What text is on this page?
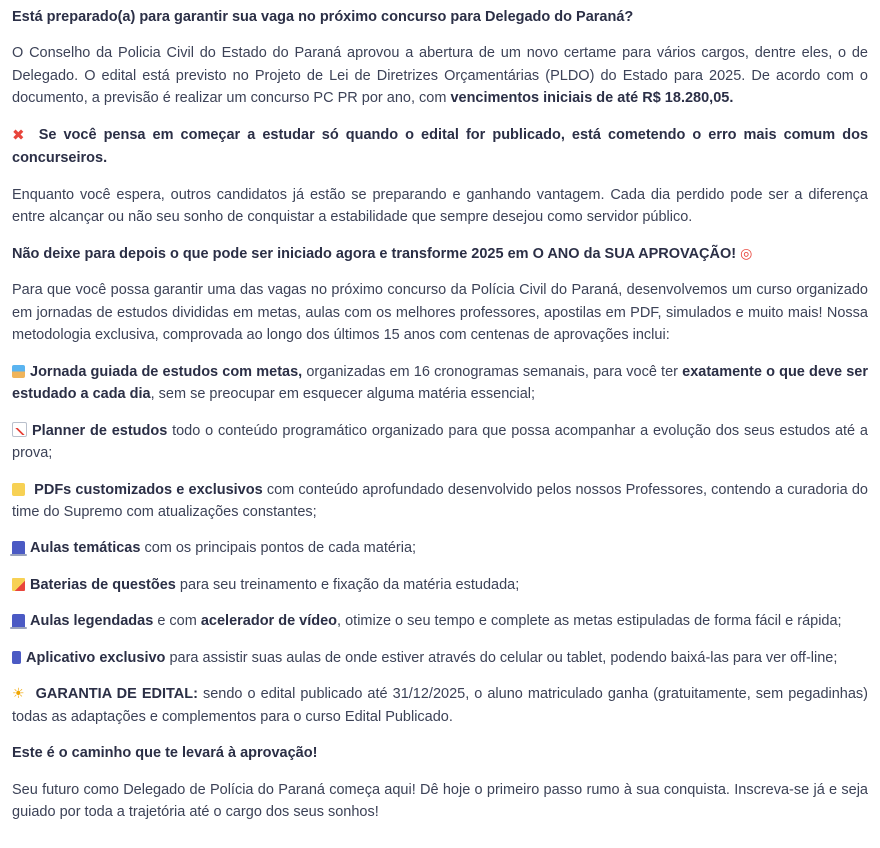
Está preparado(a) para garantir sua vaga no próximo concurso para Delegado do Paraná?

O Conselho da Policia Civil do Estado do Paraná aprovou a abertura de um novo certame para vários cargos, dentre eles, o de Delegado. O edital está previsto no Projeto de Lei de Diretrizes Orçamentárias (PLDO) do Estado para 2025. De acordo com o documento, a previsão é realizar um concurso PC PR por ano, com vencimentos iniciais de até R$ 18.280,05.

✖ Se você pensa em começar a estudar só quando o edital for publicado, está cometendo o erro mais comum dos concurseiros.

Enquanto você espera, outros candidatos já estão se preparando e ganhando vantagem. Cada dia perdido pode ser a diferença entre alcançar ou não seu sonho de conquistar a estabilidade que sempre desejou como servidor público.

Não deixe para depois o que pode ser iniciado agora e transforme 2025 em O ANO da SUA APROVAÇÃO! ◎

Para que você possa garantir uma das vagas no próximo concurso da Polícia Civil do Paraná, desenvolvemos um curso organizado em jornadas de estudos divididas em metas, aulas com os melhores professores, apostilas em PDF, simulados e muito mais! Nossa metodologia exclusiva, comprovada ao longo dos últimos 15 anos com centenas de aprovações inclui:

Jornada guiada de estudos com metas, organizadas em 16 cronogramas semanais, para você ter exatamente o que deve ser estudado a cada dia, sem se preocupar em esquecer alguma matéria essencial;

Planner de estudos todo o conteúdo programático organizado para que possa acompanhar a evolução dos seus estudos até a prova;

PDFs customizados e exclusivos com conteúdo aprofundado desenvolvido pelos nossos Professores, contendo a curadoria do time do Supremo com atualizações constantes;

Aulas temáticas com os principais pontos de cada matéria;

Baterias de questões para seu treinamento e fixação da matéria estudada;

Aulas legendadas e com acelerador de vídeo, otimize o seu tempo e complete as metas estipuladas de forma fácil e rápida;

Aplicativo exclusivo para assistir suas aulas de onde estiver através do celular ou tablet, podendo baixá-las para ver off-line;

☀ GARANTIA DE EDITAL: sendo o edital publicado até 31/12/2025, o aluno matriculado ganha (gratuitamente, sem pegadinhas) todas as adaptações e complementos para o curso Edital Publicado.

Este é o caminho que te levará à aprovação!

Seu futuro como Delegado de Polícia do Paraná começa aqui! Dê hoje o primeiro passo rumo à sua conquista. Inscreva-se já e seja guiado por toda a trajetória até o cargo dos seus sonhos!
